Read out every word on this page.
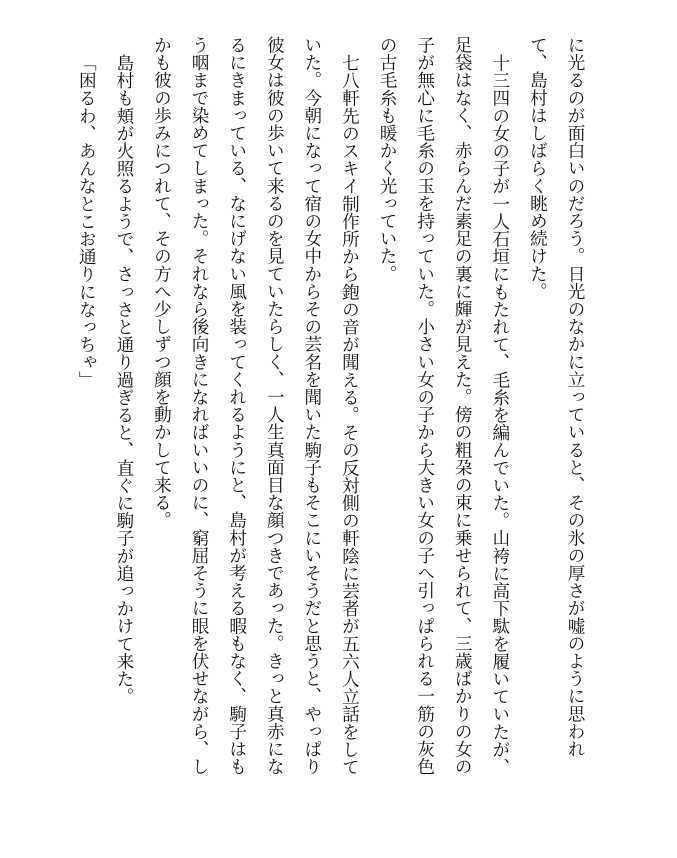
に光るのが面白いのだろう。日光のなかに立っていると、その氷の厚さが嘘のように思われて、島村はしばらく眺め続けた。

十三四の女の子が一人石垣にもたれて、毛糸を編んでいた。山袴に高下駄を履いていたが、足袋はなく、赤らんだ素足の裏に皹が見えた。傍の粗朶の束に乗せられて、三歳ばかりの女の子が無心に毛糸の玉を持っていた。小さい女の子から大きい女の子へ引っぱられる一筋の灰色の古毛糸も暖かく光っていた。

七八軒先のスキイ制作所から鉋の音が聞える。その反対側の軒陰に芸者が五六人立話をしていた。今朝になって宿の女中からその芸名を聞いた駒子もそこにいそうだと思うと、やっぱり彼女は彼の歩いて来るのを見ていたらしく、一人生真面目な顔つきであった。きっと真赤になるにきまっている、なにげない風を装ってくれるようにと、島村が考える暇もなく、駒子はもう咽まで染めてしまった。それなら後向きになればいいのに、窮屈そうに眼を伏せながら、しかも彼の歩みにつれて、その方へ少しずつ顔を動かして来る。

島村も頬が火照るようで、さっさと通り過ぎると、直ぐに駒子が追っかけて来た。

「困るわ、あんなとこお通りになっちゃ」
